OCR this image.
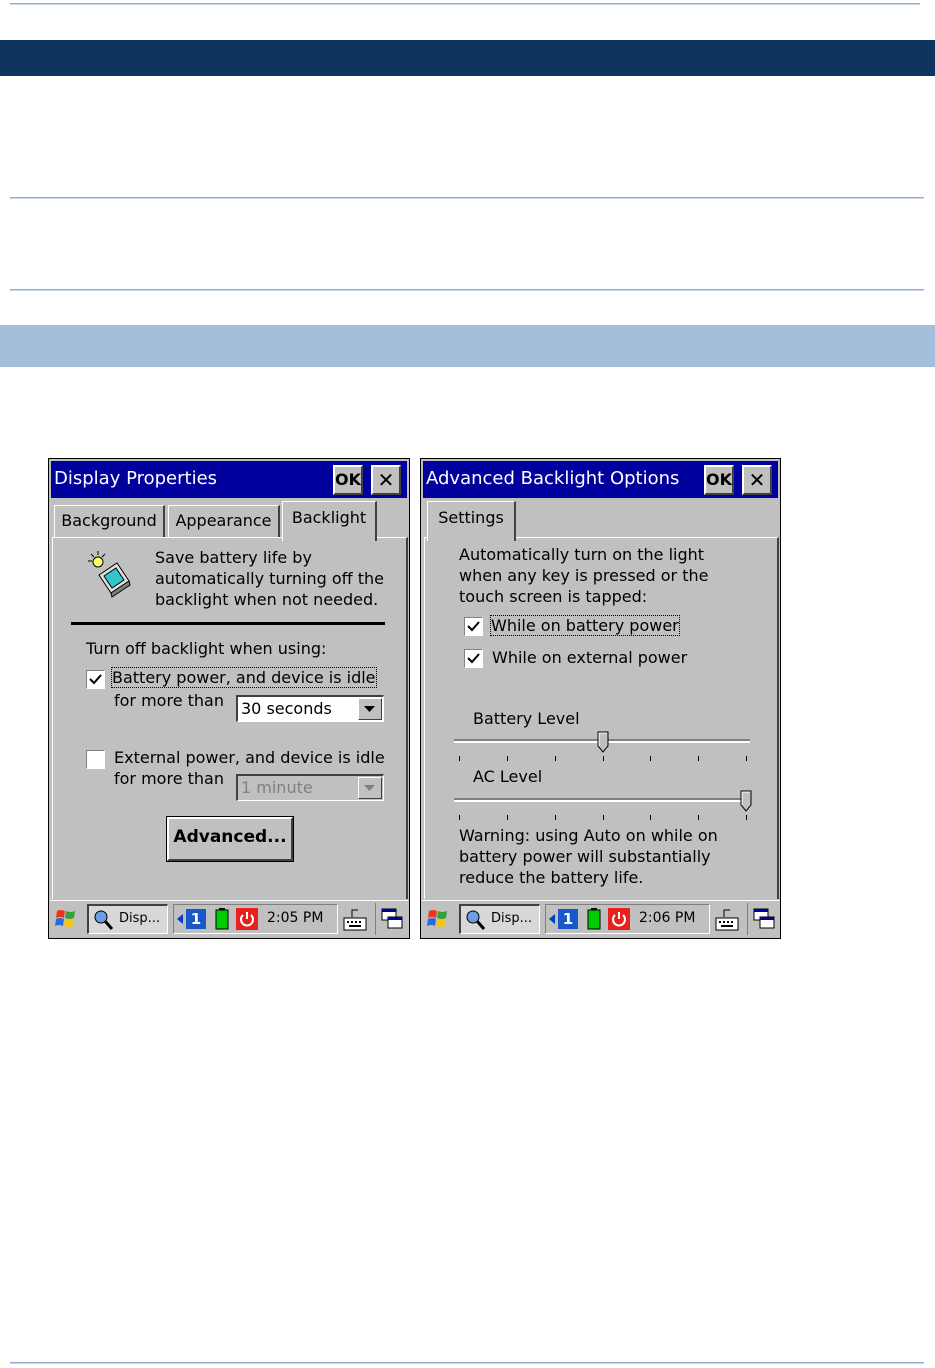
Display Properties	OK ✕
Background	Appearance	Backlight
Save battery life by
automatically turning off the
backlight when not needed.
Turn off backlight when using:
Battery power, and device is idle
for more than 30 seconds
External power, and device is idle
for more than 1 minute
Advanced...
Disp...	1	2:05 PM
Advanced Backlight Options OK ✕
Settings
Automatically turn on the light
when any key is pressed or the
touch screen is tapped:
While on battery power
While on external power
Battery Level
AC Level
Warning: using Auto on while on
battery power will substantially
reduce the battery life.
Disp...	1	2:06 PM
